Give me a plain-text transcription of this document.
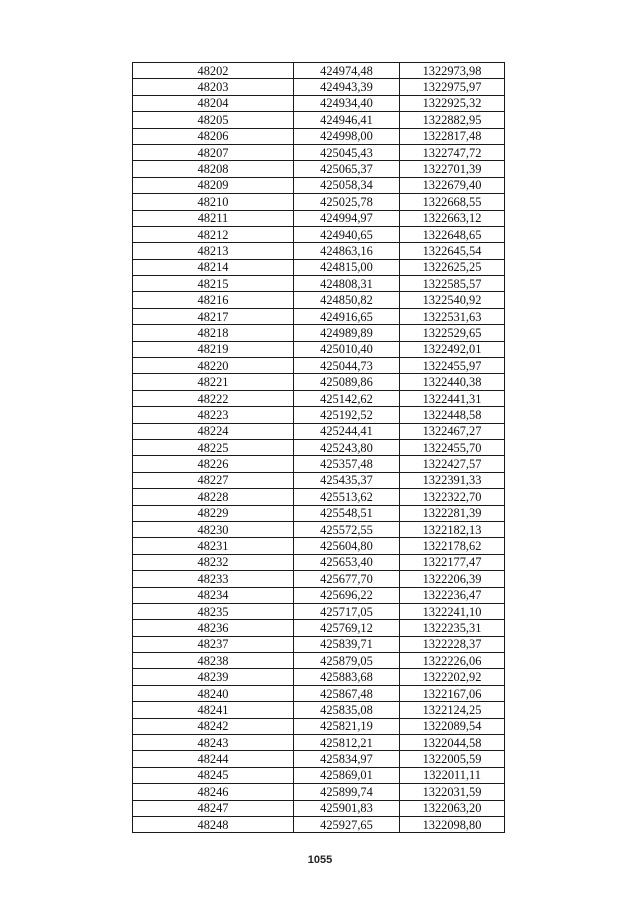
48202	424974,48	1322973,98
48203	424943,39	1322975,97
48204	424934,40	1322925,32
48205	424946,41	1322882,95
48206	424998,00	1322817,48
48207	425045,43	1322747,72
48208	425065,37	1322701,39
48209	425058,34	1322679,40
48210	425025,78	1322668,55
48211	424994,97	1322663,12
48212	424940,65	1322648,65
48213	424863,16	1322645,54
48214	424815,00	1322625,25
48215	424808,31	1322585,57
48216	424850,82	1322540,92
48217	424916,65	1322531,63
48218	424989,89	1322529,65
48219	425010,40	1322492,01
48220	425044,73	1322455,97
48221	425089,86	1322440,38
48222	425142,62	1322441,31
48223	425192,52	1322448,58
48224	425244,41	1322467,27
48225	425243,80	1322455,70
48226	425357,48	1322427,57
48227	425435,37	1322391,33
48228	425513,62	1322322,70
48229	425548,51	1322281,39
48230	425572,55	1322182,13
48231	425604,80	1322178,62
48232	425653,40	1322177,47
48233	425677,70	1322206,39
48234	425696,22	1322236,47
48235	425717,05	1322241,10
48236	425769,12	1322235,31
48237	425839,71	1322228,37
48238	425879,05	1322226,06
48239	425883,68	1322202,92
48240	425867,48	1322167,06
48241	425835,08	1322124,25
48242	425821,19	1322089,54
48243	425812,21	1322044,58
48244	425834,97	1322005,59
48245	425869,01	1322011,11
48246	425899,74	1322031,59
48247	425901,83	1322063,20
48248	425927,65	1322098,80
1055
